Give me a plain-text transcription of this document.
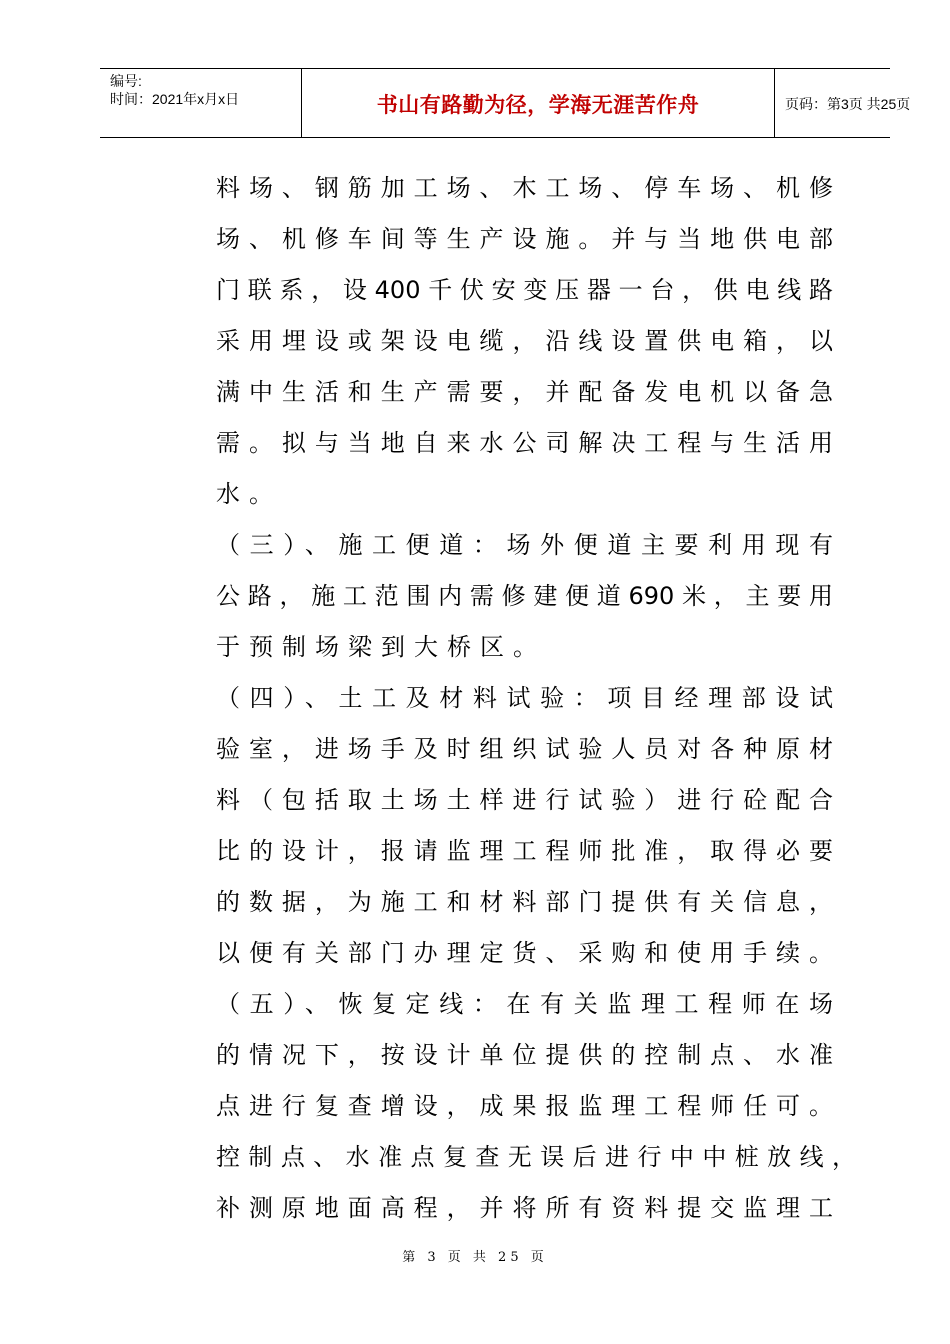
编号:
时间：2021年x月x日	书山有路勤为径，学海无涯苦作舟	页码：第3页 共25页
料场、钢筋加工场、木工场、停车场、机修
场、机修车间等生产设施。并与当地供电部
门联系，设400千伏安变压器一台，供电线路
采用埋设或架设电缆，沿线设置供电箱，以
满中生活和生产需要，并配备发电机以备急
需。拟与当地自来水公司解决工程与生活用
水。
（三）、施工便道：场外便道主要利用现有
公路，施工范围内需修建便道690米，主要用
于预制场梁到大桥区。
（四）、土工及材料试验：项目经理部设试
验室，进场手及时组织试验人员对各种原材
料（包括取土场土样进行试验）进行砼配合
比的设计，报请监理工程师批准，取得必要
的数据，为施工和材料部门提供有关信息，
以便有关部门办理定货、采购和使用手续。
（五）、恢复定线：在有关监理工程师在场
的情况下，按设计单位提供的控制点、水准
点进行复查增设，成果报监理工程师任可。
控制点、水准点复查无误后进行中中桩放线，
补测原地面高程，并将所有资料提交监理工
第 3 页 共 25 页
